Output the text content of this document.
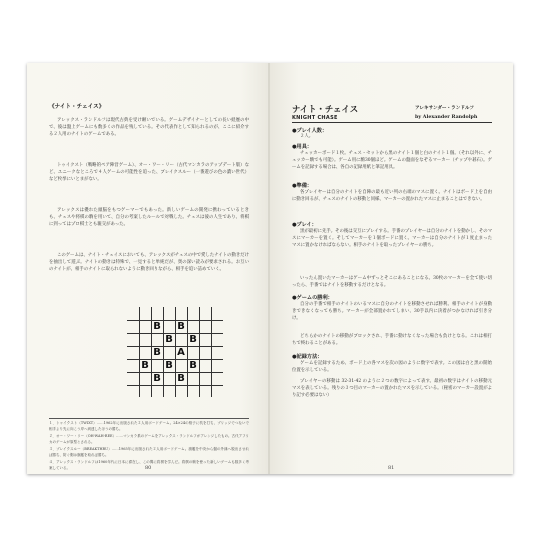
《ナイト・チェイス》
アレックス・ランドルフは現代古典を受け継いでいる。ゲームデザイナーとしての長い経歴の中で、彼は盤上ゲームにも数多くの作品を残している。その代表作として知られるのが、ここに紹介する２人用のナイトのゲームである。
トゥイクスト（戦略的ペア陣営ゲーム）、オー・ワー・リー（古代マンカラのアップデート版）など、ユニークなところで４人ゲームの可能性を追った、ブレイクスルー（一番遊びの色の濃い世代）など枚挙にいとまがない。
アレックスは優れた頭脳をもつゲーマーでもあった。新しいゲームの開発に携わっているときも、チェスや将棋の駒を用いて、自分の考案したルールで対戦した。チェスは彼の人生であり、将棋に到ってはプロ棋士とも親交があった。
このゲームは、ナイト・チェイスにおいても、アレックスがチェスの中で愛したナイトの動きだけを抽出して遊ぶ。ナイトの動きは特殊で、一見すると単純だが、奥の深い読みが要求される。お互いのナイトが、相手のナイトに取られないように動き回りながら、相手を追い詰めていく。
B B
B B
B A
B B B
B B
１．トゥイクスト（TWIXT）……1962年に出版された２人用ボードゲーム。24×24の格子に杭を打ち、ブリッジでつないで相手より先に向こう岸へ到達したほうの勝ち。
２．オー・ワー・リー（OH-WAH-REE）……マンカラ系のゲームをアレックス・ランドルフがアレンジしたもの。古代アフリカのゲームが原型とされる。
３．ブレイクスルー（BREAKTHRU）……1965年に出版された２人用ボードゲーム。旗艦を中央から盤の外縁へ脱出させれば勝ち、防ぐ側は旗艦を取れば勝ち。
４．アレックス・ランドルフは1960年代に日本に滞在し、この間に将棋を学んだ。将棋の駒を使った新しいゲームも数多く考案している。	80
ナイト・チェイス
KNIGHT CHASE
アレキサンダー・ランドルフ
by Alexander Randolph
●プレイ人数：
２人。
●用具：
チェッカーボード１枚。チェス・セットから黒のナイト１個と白のナイト１個。（それ以外に、チェッカー駒でも可能）。ゲーム用に駒30個ほど。ゲームの盤面をなぞるマーカー（チップや碁石）。ゲームを記録する場合は、各自の記録用紙と筆記用具。
●準備：
各プレイヤーは自分のナイトを自陣の最も近い列の右端のマスに置く。ナイトはボード上を自由に動き回るが、チェスのナイトの移動と同様、マーカーの置かれたマスに止まることはできない。
●プレイ：
黒が最初に先手。その後は交互にプレイする。手番のプレイヤーは自分のナイトを動かし、そのマスにマーカーを置く。そしてマーカーを１個ボードに置く。マーカーは自分のナイトが１度止まったマスに置かなければならない。相手のナイトを取ったプレイヤーの勝ち。
いったん置いたマーカーはゲーム中ずっとそこにあることになる。30枚のマーカーを全て使い切ったら、手番ではナイトを移動するだけとなる。
●ゲームの勝利：
自分の手番で相手のナイトのいるマスに自分のナイトを移動させれば勝利。相手のナイトが身動きできなくなっても勝ち。マーカーが全部置かれてしまい、30手以内に決着がつかなければ引き分け。
どちらかのナイトの移動がブロックされ、手番に動けなくなった場合も負けとなる。これは相打ちで終わることがある。
●記録方法：
ゲームを記録するため、ボード上の各マスを次の図のように数字で表す。この図は白と黒の開始位置を示している。
プレイヤーの移動は 32-31-42 のように２つの数字によって表す。最初の数字はナイトの移動元マスを表している。残りの３つ目のマーカーの置かれたマスを示している。（秘密のマーカー設置がより記す必要はない）
81
